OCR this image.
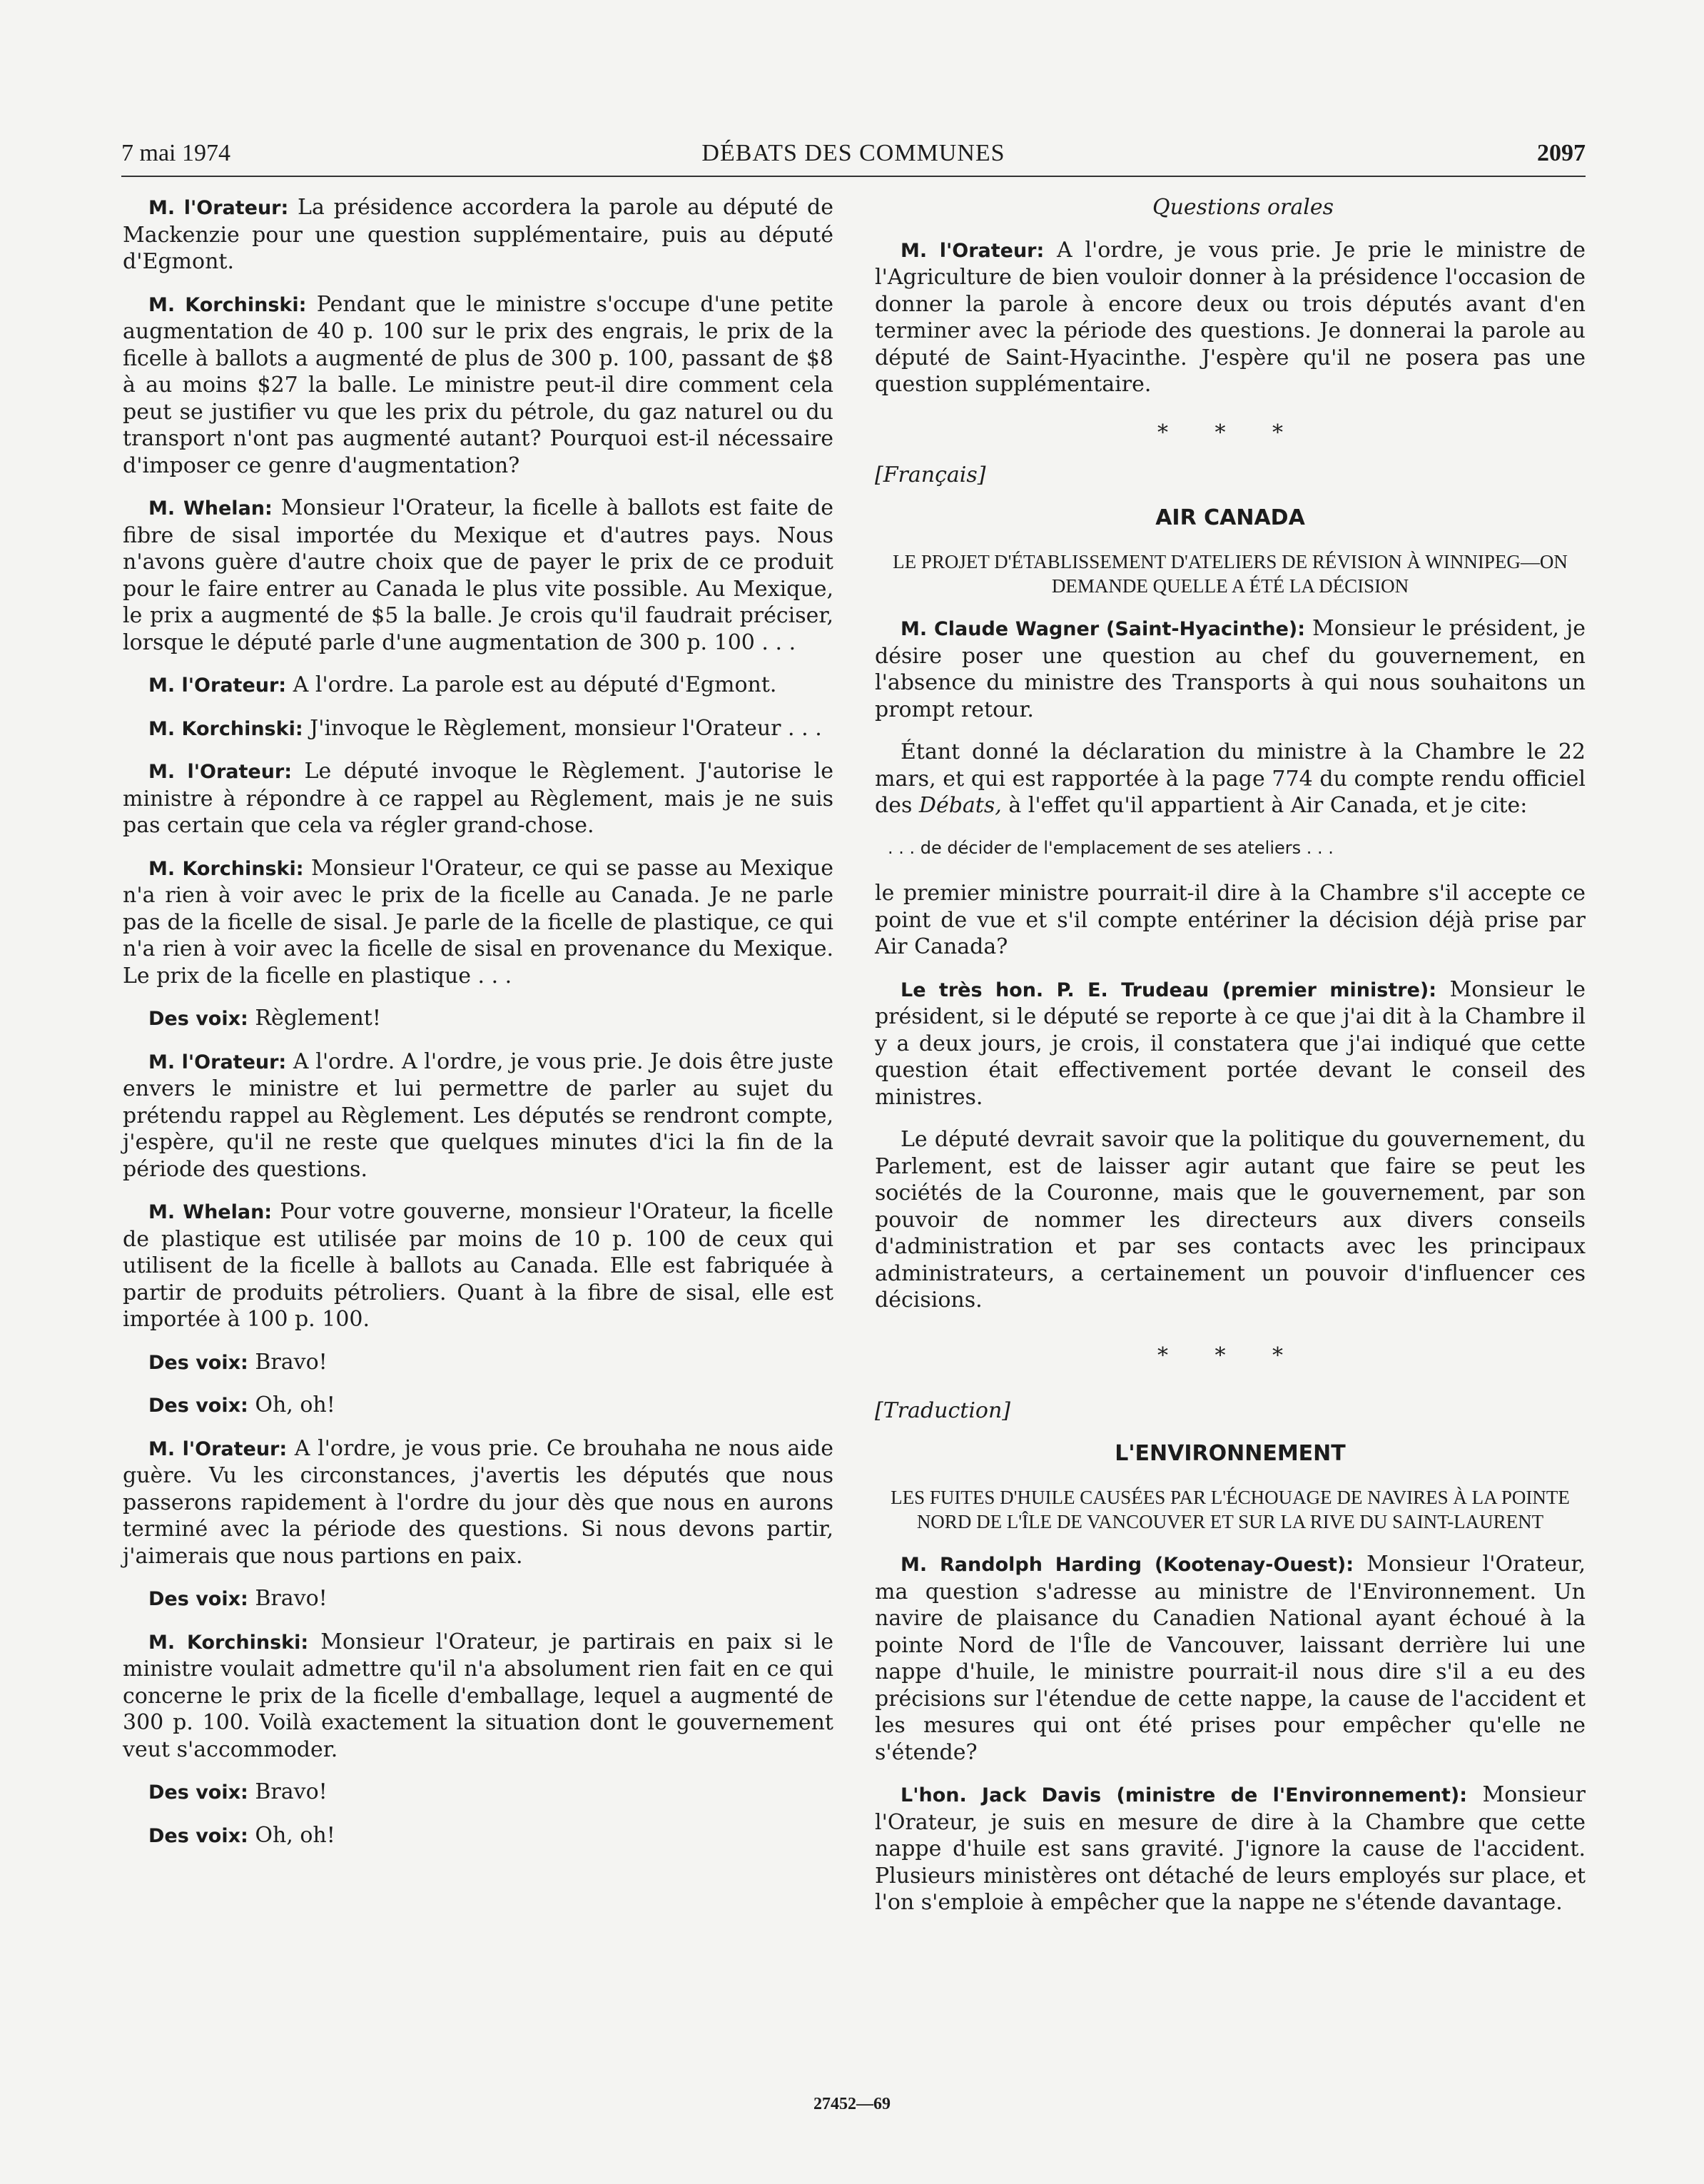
7 mai 1974	DÉBATS DES COMMUNES	2097

M. l'Orateur: La présidence accordera la parole au député de Mackenzie pour une question supplémentaire, puis au député d'Egmont.

M. Korchinski: Pendant que le ministre s'occupe d'une petite augmentation de 40 p. 100 sur le prix des engrais, le prix de la ficelle à ballots a augmenté de plus de 300 p. 100, passant de $8 à au moins $27 la balle. Le ministre peut-il dire comment cela peut se justifier vu que les prix du pétrole, du gaz naturel ou du transport n'ont pas augmenté autant? Pourquoi est-il nécessaire d'imposer ce genre d'augmentation?

M. Whelan: Monsieur l'Orateur, la ficelle à ballots est faite de fibre de sisal importée du Mexique et d'autres pays. Nous n'avons guère d'autre choix que de payer le prix de ce produit pour le faire entrer au Canada le plus vite possible. Au Mexique, le prix a augmenté de $5 la balle. Je crois qu'il faudrait préciser, lorsque le député parle d'une augmentation de 300 p. 100 . . .

M. l'Orateur: A l'ordre. La parole est au député d'Egmont.

M. Korchinski: J'invoque le Règlement, monsieur l'Orateur . . .

M. l'Orateur: Le député invoque le Règlement. J'autorise le ministre à répondre à ce rappel au Règlement, mais je ne suis pas certain que cela va régler grand-chose.

M. Korchinski: Monsieur l'Orateur, ce qui se passe au Mexique n'a rien à voir avec le prix de la ficelle au Canada. Je ne parle pas de la ficelle de sisal. Je parle de la ficelle de plastique, ce qui n'a rien à voir avec la ficelle de sisal en provenance du Mexique. Le prix de la ficelle en plastique . . .

Des voix: Règlement!

M. l'Orateur: A l'ordre. A l'ordre, je vous prie. Je dois être juste envers le ministre et lui permettre de parler au sujet du prétendu rappel au Règlement. Les députés se rendront compte, j'espère, qu'il ne reste que quelques minutes d'ici la fin de la période des questions.

M. Whelan: Pour votre gouverne, monsieur l'Orateur, la ficelle de plastique est utilisée par moins de 10 p. 100 de ceux qui utilisent de la ficelle à ballots au Canada. Elle est fabriquée à partir de produits pétroliers. Quant à la fibre de sisal, elle est importée à 100 p. 100.

Des voix: Bravo!

Des voix: Oh, oh!

M. l'Orateur: A l'ordre, je vous prie. Ce brouhaha ne nous aide guère. Vu les circonstances, j'avertis les députés que nous passerons rapidement à l'ordre du jour dès que nous en aurons terminé avec la période des questions. Si nous devons partir, j'aimerais que nous partions en paix.

Des voix: Bravo!

M. Korchinski: Monsieur l'Orateur, je partirais en paix si le ministre voulait admettre qu'il n'a absolument rien fait en ce qui concerne le prix de la ficelle d'emballage, lequel a augmenté de 300 p. 100. Voilà exactement la situation dont le gouvernement veut s'accommoder.

Des voix: Bravo!

Des voix: Oh, oh!

Questions orales

M. l'Orateur: A l'ordre, je vous prie. Je prie le ministre de l'Agriculture de bien vouloir donner à la présidence l'occasion de donner la parole à encore deux ou trois députés avant d'en terminer avec la période des questions. Je donnerai la parole au député de Saint-Hyacinthe. J'espère qu'il ne posera pas une question supplémentaire.

* * *

[Français]

AIR CANADA
LE PROJET D'ÉTABLISSEMENT D'ATELIERS DE RÉVISION À WINNIPEG—ON DEMANDE QUELLE A ÉTÉ LA DÉCISION

M. Claude Wagner (Saint-Hyacinthe): Monsieur le président, je désire poser une question au chef du gouvernement, en l'absence du ministre des Transports à qui nous souhaitons un prompt retour.

Étant donné la déclaration du ministre à la Chambre le 22 mars, et qui est rapportée à la page 774 du compte rendu officiel des Débats, à l'effet qu'il appartient à Air Canada, et je cite:

. . . de décider de l'emplacement de ses ateliers . . .

le premier ministre pourrait-il dire à la Chambre s'il accepte ce point de vue et s'il compte entériner la décision déjà prise par Air Canada?

Le très hon. P. E. Trudeau (premier ministre): Monsieur le président, si le député se reporte à ce que j'ai dit à la Chambre il y a deux jours, je crois, il constatera que j'ai indiqué que cette question était effectivement portée devant le conseil des ministres.

Le député devrait savoir que la politique du gouvernement, du Parlement, est de laisser agir autant que faire se peut les sociétés de la Couronne, mais que le gouvernement, par son pouvoir de nommer les directeurs aux divers conseils d'administration et par ses contacts avec les principaux administrateurs, a certainement un pouvoir d'influencer ces décisions.

* * *

[Traduction]

L'ENVIRONNEMENT
LES FUITES D'HUILE CAUSÉES PAR L'ÉCHOUAGE DE NAVIRES À LA POINTE NORD DE L'ÎLE DE VANCOUVER ET SUR LA RIVE DU SAINT-LAURENT

M. Randolph Harding (Kootenay-Ouest): Monsieur l'Orateur, ma question s'adresse au ministre de l'Environnement. Un navire de plaisance du Canadien National ayant échoué à la pointe Nord de l'Île de Vancouver, laissant derrière lui une nappe d'huile, le ministre pourrait-il nous dire s'il a eu des précisions sur l'étendue de cette nappe, la cause de l'accident et les mesures qui ont été prises pour empêcher qu'elle ne s'étende?

L'hon. Jack Davis (ministre de l'Environnement): Monsieur l'Orateur, je suis en mesure de dire à la Chambre que cette nappe d'huile est sans gravité. J'ignore la cause de l'accident. Plusieurs ministères ont détaché de leurs employés sur place, et l'on s'emploie à empêcher que la nappe ne s'étende davantage.

27452—69
